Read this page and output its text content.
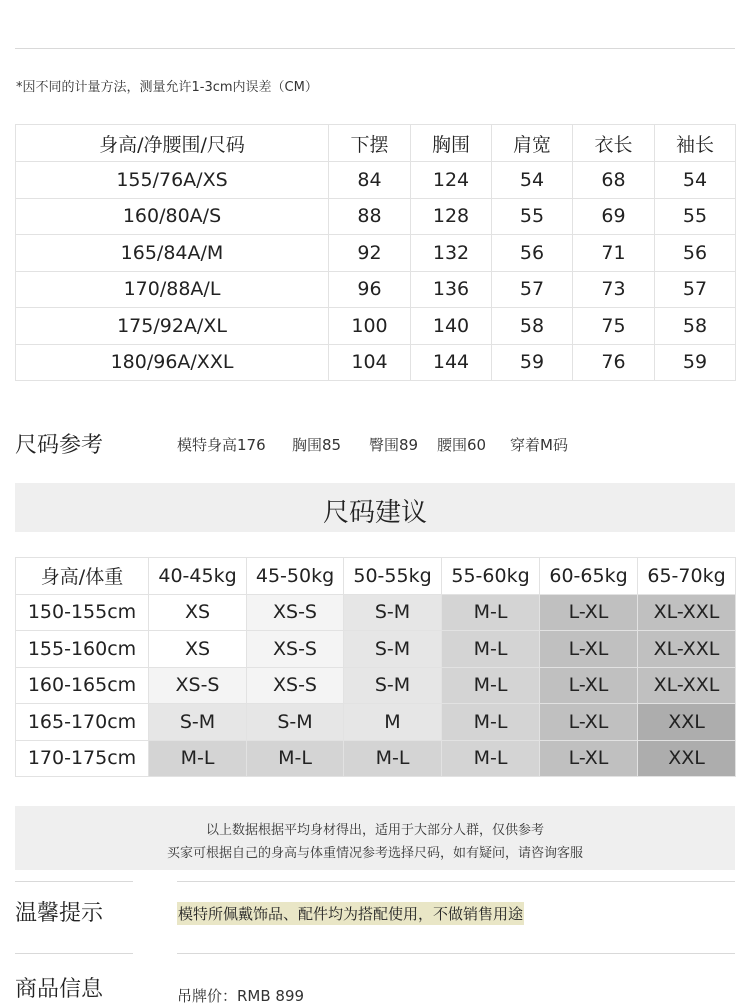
*因不同的计量方法，测量允许1-3cm内误差（CM）
身高/净腰围/尺码	下摆	胸围	肩宽	衣长	袖长
155/76A/XS	84	124	54	68	54
160/80A/S	88	128	55	69	55
165/84A/M	92	132	56	71	56
170/88A/L	96	136	57	73	57
175/92A/XL	100	140	58	75	58
180/96A/XXL	104	144	59	76	59
尺码参考	模特身高176 胸围85 臀围89 腰围60 穿着M码
尺码建议
身高/体重	40-45kg	45-50kg	50-55kg	55-60kg	60-65kg	65-70kg
150-155cm	XS	XS-S	S-M	M-L	L-XL	XL-XXL
155-160cm	XS	XS-S	S-M	M-L	L-XL	XL-XXL
160-165cm	XS-S	XS-S	S-M	M-L	L-XL	XL-XXL
165-170cm	S-M	S-M	M	M-L	L-XL	XXL
170-175cm	M-L	M-L	M-L	M-L	L-XL	XXL
以上数据根据平均身材得出，适用于大部分人群，仅供参考
买家可根据自己的身高与体重情况参考选择尺码，如有疑问，请咨询客服
温馨提示	模特所佩戴饰品、配件均为搭配使用，不做销售用途
商品信息	吊牌价：RMB 899
